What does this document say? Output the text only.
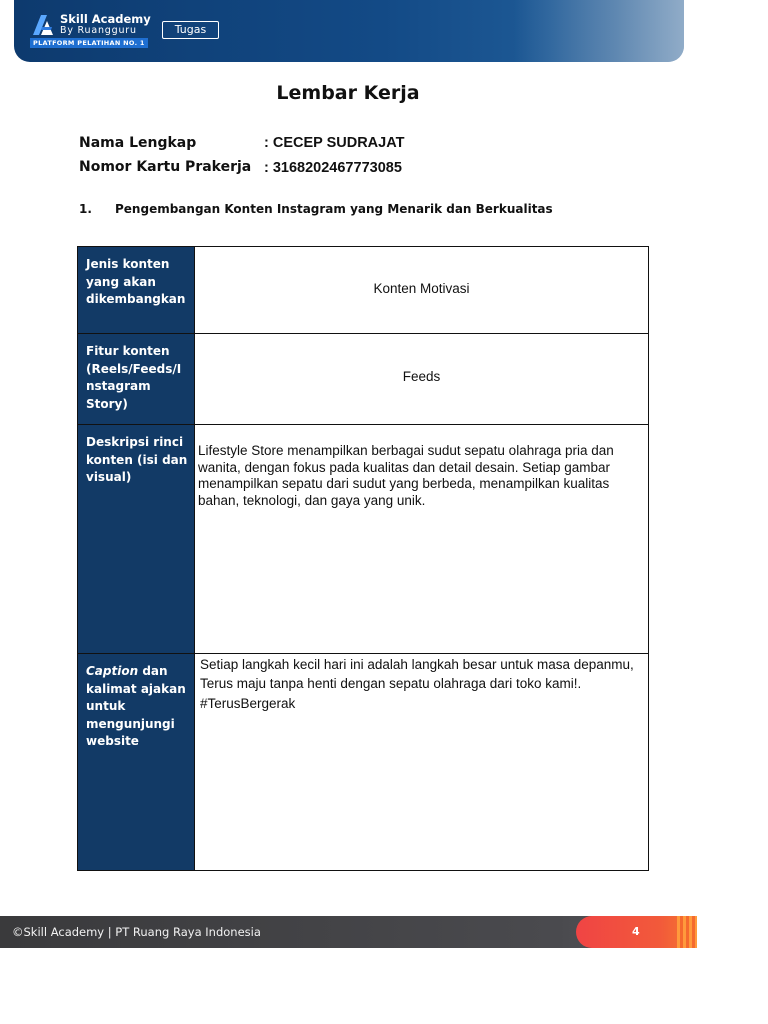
Skill Academy
By Ruangguru
PLATFORM PELATIHAN NO. 1
Tugas
Lembar Kerja
Nama Lengkap	: CECEP SUDRAJAT
Nomor Kartu Prakerja : 3168202467773085
1. Pengembangan Konten Instagram yang Menarik dan Berkualitas
Jenis konten yang akan dikembangkan
Konten Motivasi
Fitur konten (Reels/Feeds/Instagram Story)
Feeds
Deskripsi rinci konten (isi dan visual)
Lifestyle Store menampilkan berbagai sudut sepatu olahraga pria dan wanita, dengan fokus pada kualitas dan detail desain. Setiap gambar menampilkan sepatu dari sudut yang berbeda, menampilkan kualitas bahan, teknologi, dan gaya yang unik.
Caption dan kalimat ajakan untuk mengunjungi website
Setiap langkah kecil hari ini adalah langkah besar untuk masa depanmu, Terus maju tanpa henti dengan sepatu olahraga dari toko kami!.
#TerusBergerak
©Skill Academy | PT Ruang Raya Indonesia	4
